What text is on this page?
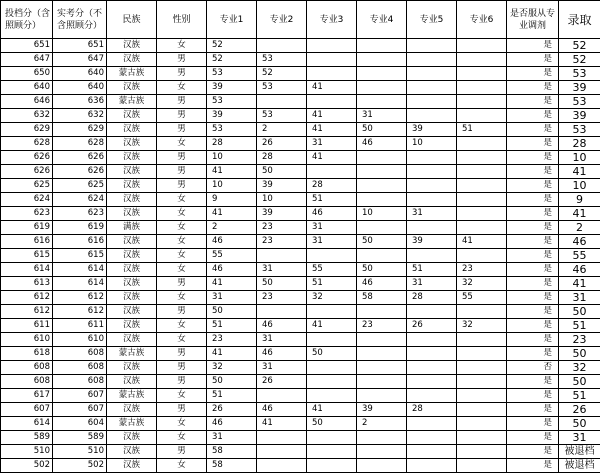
投档分（含照顾分）	实考分（不含照顾分）	民族	性别	专业1	专业2	专业3	专业4	专业5	专业6	是否服从专业调剂	录取
651	651	汉族	女	52						是	52
647	647	汉族	男	52	53					是	52
650	640	蒙古族	男	53	52					是	53
640	640	汉族	女	39	53	41				是	39
646	636	蒙古族	男	53						是	53
632	632	汉族	男	39	53	41	31			是	39
629	629	汉族	男	53	2	41	50	39	51	是	53
628	628	汉族	女	28	26	31	46	10		是	28
626	626	汉族	男	10	28	41				是	10
626	626	汉族	男	41	50					是	41
625	625	汉族	男	10	39	28				是	10
624	624	汉族	女	9	10	51				是	9
623	623	汉族	女	41	39	46	10	31		是	41
619	619	满族	女	2	23	31				是	2
616	616	汉族	女	46	23	31	50	39	41	是	46
615	615	汉族	女	55						是	55
614	614	汉族	女	46	31	55	50	51	23	是	46
613	614	汉族	男	41	50	51	46	31	32	是	41
612	612	汉族	女	31	23	32	58	28	55	是	31
612	612	汉族	男	50						是	50
611	611	汉族	女	51	46	41	23	26	32	是	51
610	610	汉族	女	23	31					是	23
618	608	蒙古族	男	41	46	50				是	50
608	608	汉族	男	32	31					否	32
608	608	汉族	男	50	26					是	50
617	607	蒙古族	女	51						是	51
607	607	汉族	男	26	46	41	39	28		是	26
614	604	蒙古族	女	46	41	50	2			是	50
589	589	汉族	女	31						是	31
510	510	汉族	男	58						是	被退档
502	502	汉族	女	58						是	被退档
